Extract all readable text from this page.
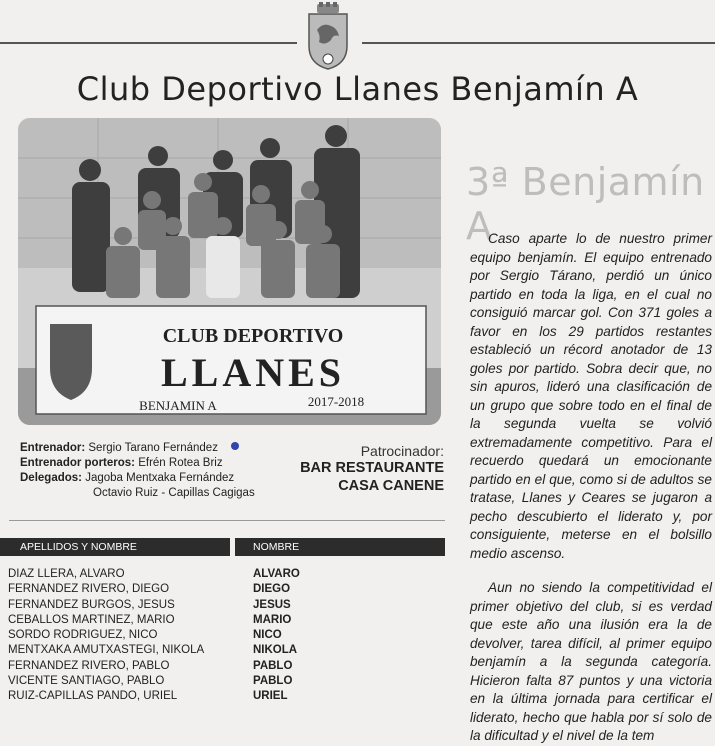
Club Deportivo Llanes Benjamín A
CLUB DEPORTIVO
LLANES
BENJAMIN A	2017-2018
Entrenador: Sergio Tarano Fernández
Entrenador porteros: Efrén Rotea Briz
Delegados: Jagoba Mentxaka Fernández
Octavio Ruiz - Capillas Cagigas
Patrocinador:
BAR RESTAURANTE
CASA CANENE
APELLIDOS Y NOMBRE	NOMBRE
DIAZ LLERA, ALVARO	ALVARO
FERNANDEZ RIVERO, DIEGO	DIEGO
FERNANDEZ BURGOS, JESUS	JESUS
CEBALLOS MARTINEZ, MARIO	MARIO
SORDO RODRIGUEZ, NICO	NICO
MENTXAKA AMUTXASTEGI, NIKOLA	NIKOLA
FERNANDEZ RIVERO, PABLO	PABLO
VICENTE SANTIAGO, PABLO	PABLO
RUIZ-CAPILLAS PANDO, URIEL	URIEL
3ª Benjamín A

Caso aparte lo de nuestro primer equipo benjamín. El equipo entrenado por Sergio Tárano, perdió un único partido en toda la liga, en el cual no consiguió marcar gol. Con 371 goles a favor en los 29 partidos restantes estableció un récord anotador de 13 goles por partido. Sobra decir que, no sin apuros, lideró una clasificación de un grupo que sobre todo en el final de la segunda vuelta se volvió extremadamente competitivo. Para el recuerdo quedará un emocionante partido en el que, como si de adultos se tratase, Llanes y Ceares se jugaron a pecho descubierto el liderato y, por consiguiente, meterse en el bolsillo medio ascenso.

Aun no siendo la competitividad el primer objetivo del club, si es verdad que este año una ilusión era la de devolver, tarea difícil, al primer equipo benjamín a la segunda categoría. Hicieron falta 87 puntos y una victoria en la última jornada para certificar el liderato, hecho que habla por sí solo de la dificultad y el nivel de la tem
